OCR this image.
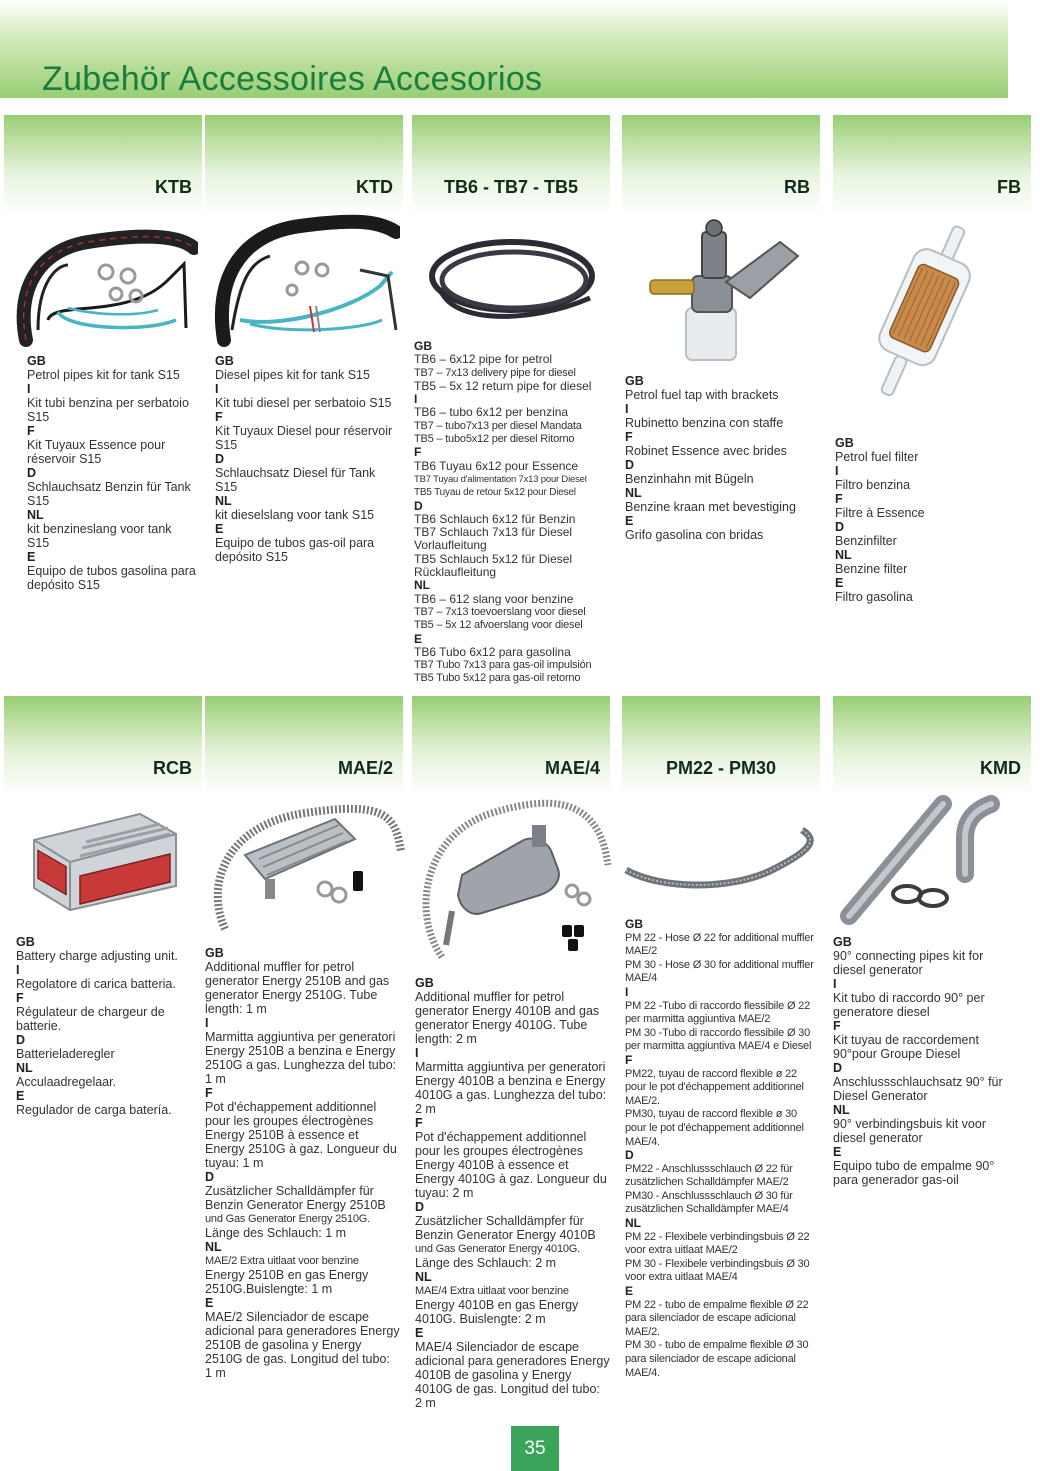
Zubehör Accessoires Accesorios
KTB
GB
Petrol pipes kit for tank S15
I
Kit tubi benzina per serbatoio S15
F
Kit Tuyaux Essence pour réservoir S15
D
Schlauchsatz Benzin für Tank S15
NL
kit benzineslang voor tank S15
E
Equipo de tubos gasolina para depósito S15
KTD
GB
Diesel pipes kit for tank S15
I
Kit tubi diesel per serbatoio S15
F
Kit Tuyaux Diesel pour réservoir S15
D
Schlauchsatz Diesel für Tank S15
NL
kit dieselslang voor tank S15
E
Equipo de tubos gas-oil para depósito S15
TB6 - TB7 - TB5
GB
TB6 – 6x12 pipe for petrol
TB7 – 7x13 delivery pipe for diesel
TB5 – 5x 12 return pipe for diesel
I
TB6 – tubo 6x12 per benzina
TB7 – tubo7x13 per diesel Mandata
TB5 – tubo5x12 per diesel Ritorno
F
TB6 Tuyau 6x12 pour Essence
TB7 Tuyau d'alimentation 7x13 pour Diesel
TB5 Tuyau de retour 5x12 pour Diesel
D
TB6 Schlauch 6x12 für Benzin
TB7 Schlauch 7x13 für Diesel
Vorlaufleitung
TB5 Schlauch 5x12 für Diesel
Rücklaufleitung
NL
TB6 – 612 slang voor benzine
TB7 – 7x13 toevoerslang voor diesel
TB5 – 5x 12 afvoerslang voor diesel
E
TB6 Tubo 6x12 para gasolina
TB7 Tubo 7x13 para gas-oil impulsión
TB5 Tubo 5x12 para gas-oil retorno
RB
GB
Petrol fuel tap with brackets
I
Rubinetto benzina con staffe
F
Robinet Essence avec brides
D
Benzinhahn mit Bügeln
NL
Benzine kraan met bevestiging
E
Grifo gasolina con bridas
FB
GB
Petrol fuel filter
I
Filtro benzina
F
Filtre à Essence
D
Benzinfilter
NL
Benzine filter
E
Filtro gasolina
RCB
GB
Battery charge adjusting unit.
I
Regolatore di carica batteria.
F
Régulateur de chargeur de batterie.
D
Batterieladeregler
NL
Acculaadregelaar.
E
Regulador de carga batería.
MAE/2
GB
Additional muffler for petrol generator Energy 2510B and gas generator Energy 2510G. Tube length: 1 m
I
Marmitta aggiuntiva per generatori Energy 2510B a benzina e Energy 2510G a gas. Lunghezza del tubo: 1 m
F
Pot d'échappement additionnel pour les groupes électrogènes Energy 2510B à essence et Energy 2510G à gaz. Longueur du tuyau: 1 m
D
Zusätzlicher Schalldämpfer für Benzin Generator Energy 2510B
und Gas Generator Energy 2510G.
Länge des Schlauch: 1 m
NL
MAE/2 Extra uitlaat voor benzine
Energy 2510B en gas Energy 2510G.Buislengte: 1 m
E
MAE/2 Silenciador de escape adicional para generadores Energy 2510B de gasolina y Energy 2510G de gas. Longitud del tubo: 1 m
MAE/4
GB
Additional muffler for petrol generator Energy 4010B and gas generator Energy 4010G. Tube length: 2 m
I
Marmitta aggiuntiva per generatori Energy 4010B a benzina e Energy 4010G a gas. Lunghezza del tubo: 2 m
F
Pot d'échappement additionnel pour les groupes électrogènes Energy 4010B à essence et Energy 4010G à gaz. Longueur du tuyau: 2 m
D
Zusätzlicher Schalldämpfer für Benzin Generator Energy 4010B
und Gas Generator Energy 4010G.
Länge des Schlauch: 2 m
NL
MAE/4 Extra uitlaat voor benzine
Energy 4010B en gas Energy 4010G. Buislengte: 2 m
E
MAE/4 Silenciador de escape adicional para generadores Energy 4010B de gasolina y Energy 4010G de gas. Longitud del tubo: 2 m
PM22 - PM30
GB
PM 22 - Hose Ø 22 for additional muffler MAE/2
PM 30 - Hose Ø 30 for additional muffler MAE/4
I
PM 22 -Tubo di raccordo flessibile Ø 22 per marmitta aggiuntiva MAE/2
PM 30 -Tubo di raccordo flessibile Ø 30 per marmitta aggiuntiva MAE/4 e Diesel
F
PM22, tuyau de raccord flexible ø 22 pour le pot d'échappement additionnel MAE/2.
PM30, tuyau de raccord flexible ø 30 pour le pot d'échappement additionnel MAE/4.
D
PM22 - Anschlussschlauch Ø 22 für zusätzlichen Schalldämpfer MAE/2
PM30 - Anschlussschlauch Ø 30 für zusätzlichen Schalldämpfer MAE/4
NL
PM 22 - Flexibele verbindingsbuis Ø 22 voor extra uitlaat MAE/2
PM 30 - Flexibele verbindingsbuis Ø 30 voor extra uitlaat MAE/4
E
PM 22 - tubo de empalme flexible Ø 22 para silenciador de escape adicional MAE/2.
PM 30 - tubo de empalme flexible Ø 30 para silenciador de escape adicional MAE/4.
KMD
GB
90° connecting pipes kit for diesel generator
I
Kit tubo di raccordo 90° per generatore diesel
F
Kit tuyau de raccordement 90°pour Groupe Diesel
D
Anschlussschlauchsatz 90° für Diesel Generator
NL
90° verbindingsbuis kit voor diesel generator
E
Equipo tubo de empalme 90° para generador gas-oil
35
